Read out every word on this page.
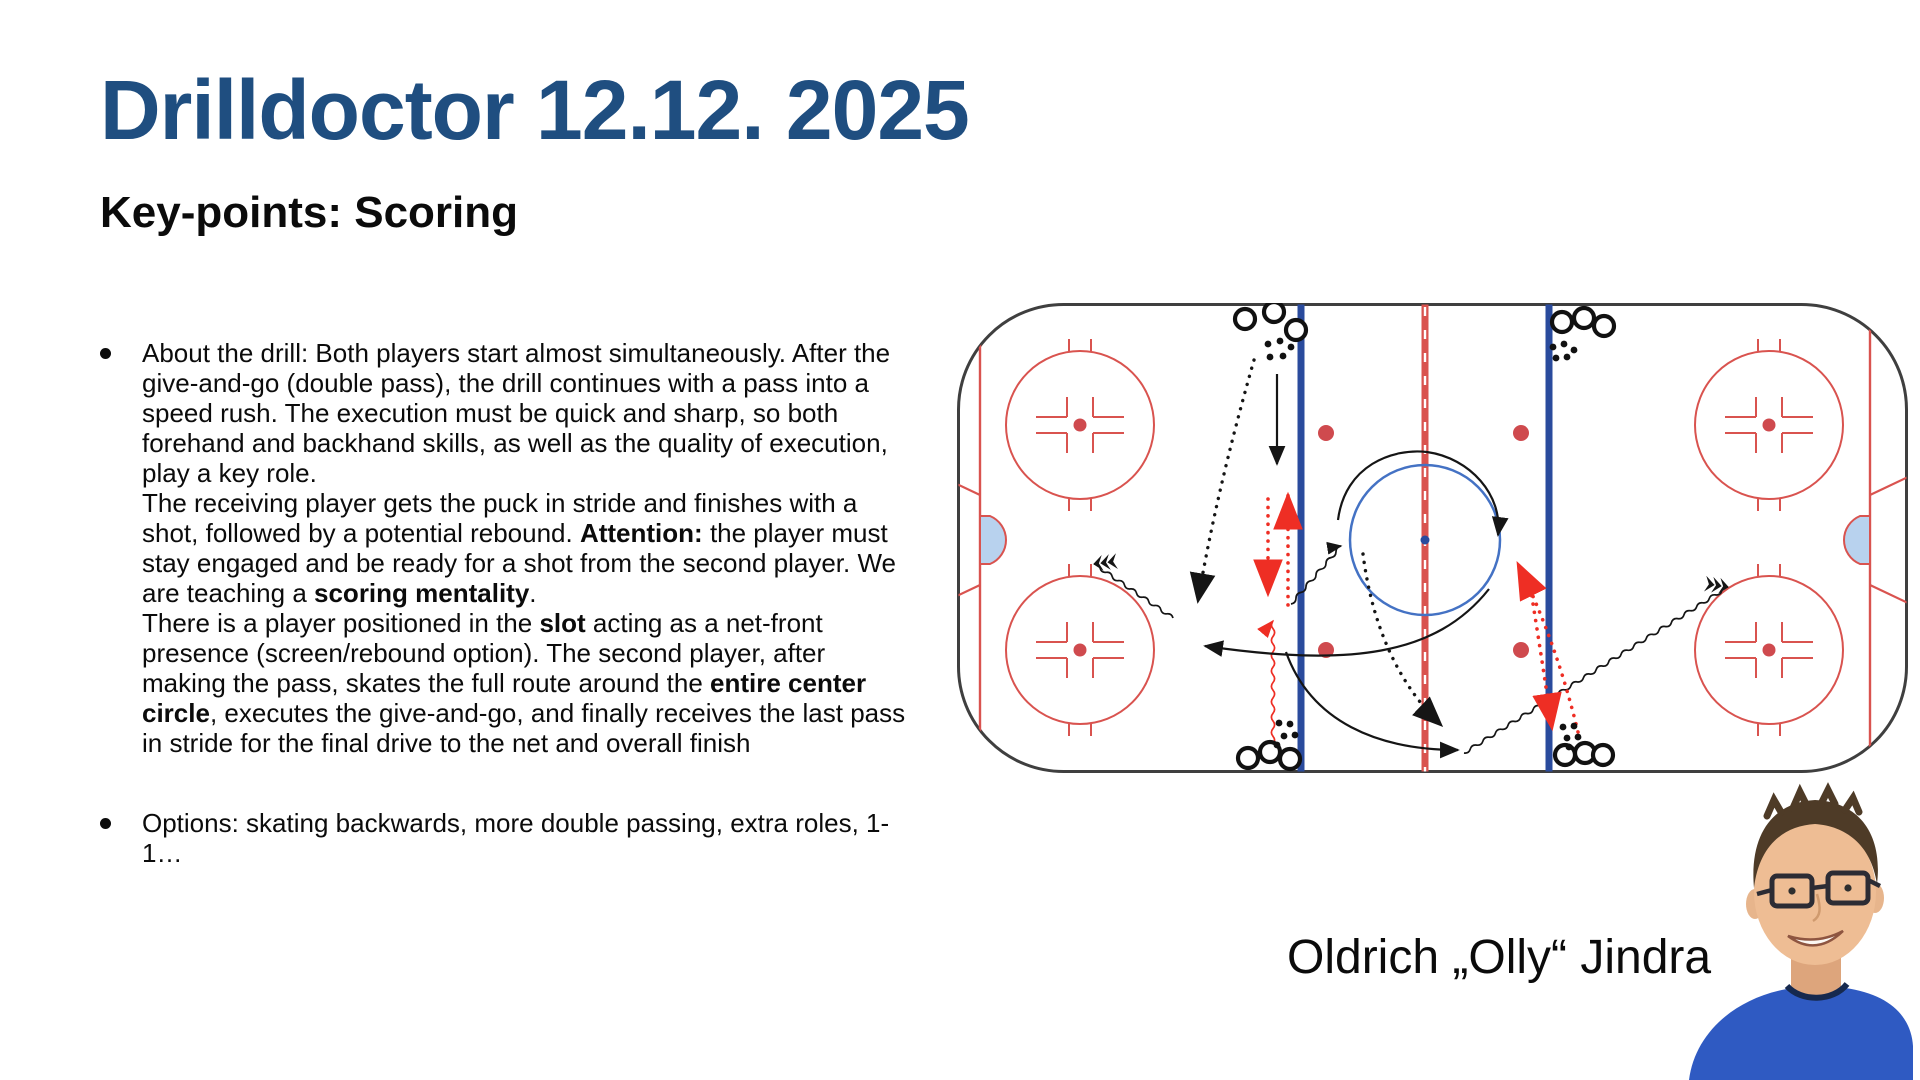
Drilldoctor 12.12. 2025
Key-points: Scoring
About the drill: Both players start almost simultaneously. After the give-and-go (double pass), the drill continues with a pass into a speed rush. The execution must be quick and sharp, so both forehand and backhand skills, as well as the quality of execution, play a key role.
The receiving player gets the puck in stride and finishes with a shot, followed by a potential rebound. Attention: the player must stay engaged and be ready for a shot from the second player. We are teaching a scoring mentality.
There is a player positioned in the slot acting as a net-front presence (screen/rebound option). The second player, after making the pass, skates the full route around the entire center circle, executes the give-and-go, and finally receives the last pass in stride for the final drive to the net and overall finish
Options: skating backwards, more double passing, extra roles, 1-1…
Oldrich „Olly“ Jindra
